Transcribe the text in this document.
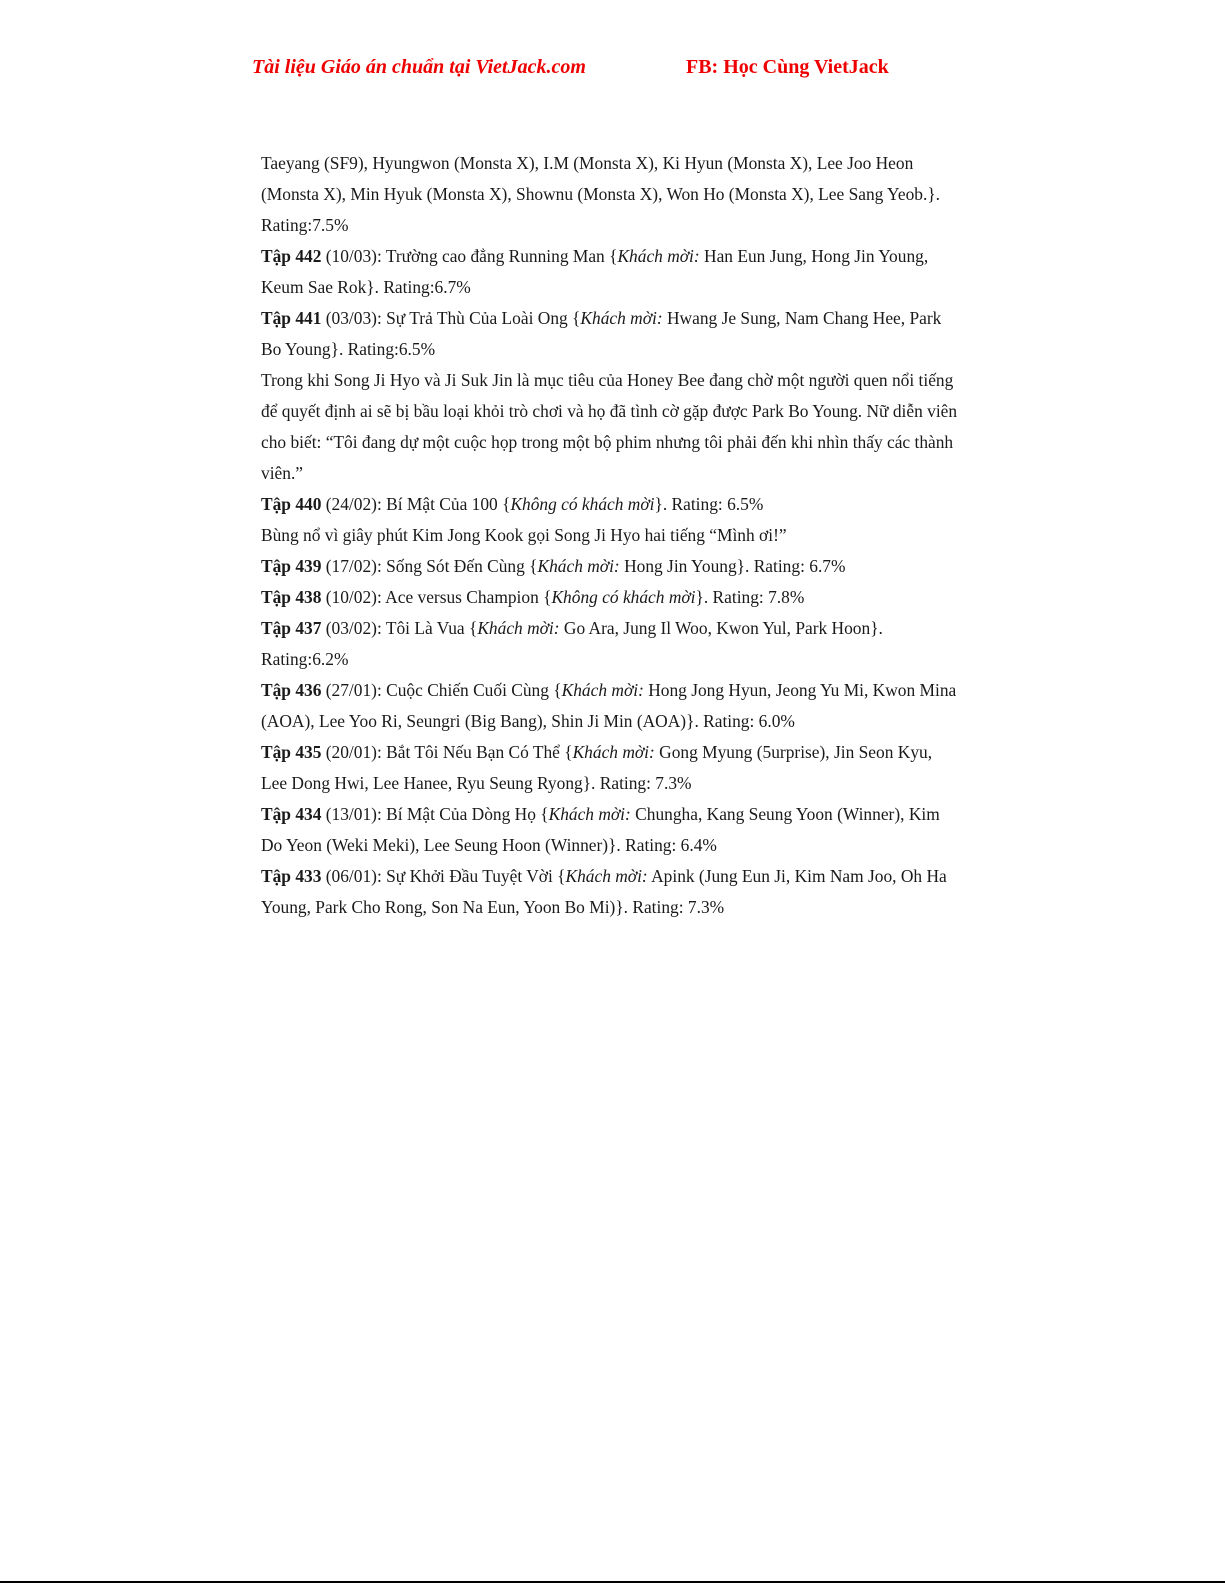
Tài liệu Giáo án chuẩn tại VietJack.com	FB: Học Cùng VietJack

Taeyang (SF9), Hyungwon (Monsta X), I.M (Monsta X), Ki Hyun (Monsta X), Lee Joo Heon (Monsta X), Min Hyuk (Monsta X), Shownu (Monsta X), Won Ho (Monsta X), Lee Sang Yeob.}. Rating:7.5%

Tập 442 (10/03): Trường cao đẳng Running Man {Khách mời: Han Eun Jung, Hong Jin Young, Keum Sae Rok}. Rating:6.7%

Tập 441 (03/03): Sự Trả Thù Của Loài Ong {Khách mời: Hwang Je Sung, Nam Chang Hee, Park Bo Young}. Rating:6.5%

Trong khi Song Ji Hyo và Ji Suk Jin là mục tiêu của Honey Bee đang chờ một người quen nổi tiếng để quyết định ai sẽ bị bầu loại khỏi trò chơi và họ đã tình cờ gặp được Park Bo Young. Nữ diễn viên cho biết: “Tôi đang dự một cuộc họp trong một bộ phim nhưng tôi phải đến khi nhìn thấy các thành viên.”

Tập 440 (24/02): Bí Mật Của 100 {Không có khách mời}. Rating: 6.5%

Bùng nổ vì giây phút Kim Jong Kook gọi Song Ji Hyo hai tiếng “Mình ơi!”

Tập 439 (17/02): Sống Sót Đến Cùng {Khách mời: Hong Jin Young}. Rating: 6.7%

Tập 438 (10/02): Ace versus Champion {Không có khách mời}. Rating: 7.8%

Tập 437 (03/02): Tôi Là Vua {Khách mời: Go Ara, Jung Il Woo, Kwon Yul, Park Hoon}. Rating:6.2%

Tập 436 (27/01): Cuộc Chiến Cuối Cùng {Khách mời: Hong Jong Hyun, Jeong Yu Mi, Kwon Mina (AOA), Lee Yoo Ri, Seungri (Big Bang), Shin Ji Min (AOA)}. Rating: 6.0%

Tập 435 (20/01): Bắt Tôi Nếu Bạn Có Thể {Khách mời: Gong Myung (5urprise), Jin Seon Kyu, Lee Dong Hwi, Lee Hanee, Ryu Seung Ryong}. Rating: 7.3%

Tập 434 (13/01): Bí Mật Của Dòng Họ {Khách mời: Chungha, Kang Seung Yoon (Winner), Kim Do Yeon (Weki Meki), Lee Seung Hoon (Winner)}. Rating: 6.4%

Tập 433 (06/01): Sự Khởi Đầu Tuyệt Vời {Khách mời: Apink (Jung Eun Ji, Kim Nam Joo, Oh Ha Young, Park Cho Rong, Son Na Eun, Yoon Bo Mi)}. Rating: 7.3%
